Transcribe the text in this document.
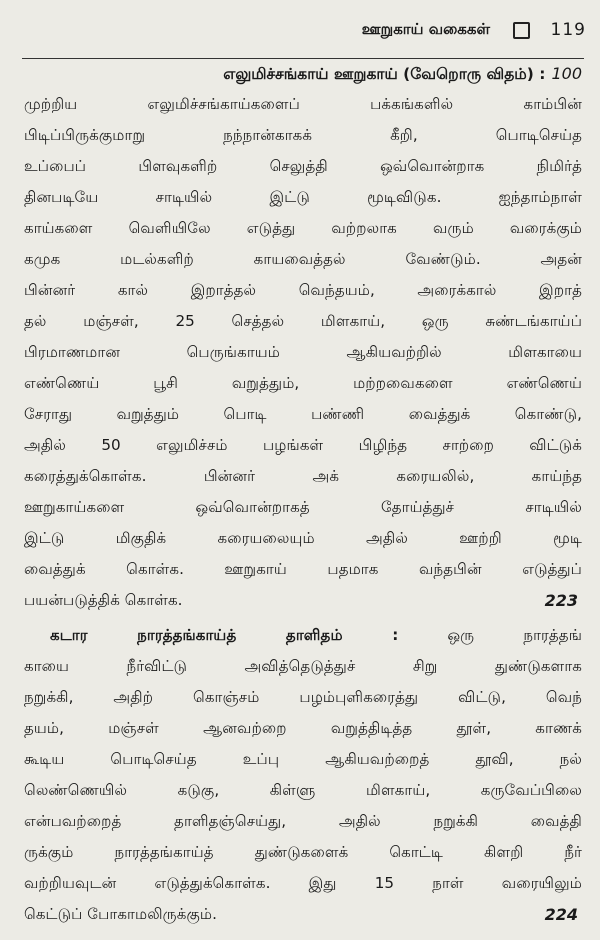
ஊறுகாய் வகைகள்	119
எலுமிச்சங்காய் ஊறுகாய் (வேறொரு விதம்) : 100
முற்றிய எலுமிச்சங்காய்களைப் பக்கங்களில் காம்பின்
பிடிப்பிருக்குமாறு நந்நான்காகக் கீறி, பொடிசெய்த
உப்பைப் பிளவுகளிற் செலுத்தி ஒவ்வொன்றாக நிமிர்த்
தினபடியே சாடியில் இட்டு மூடிவிடுக. ஐந்தாம்நாள்
காய்களை வெளியிலே எடுத்து வற்றலாக வரும் வரைக்கும்
கமுக மடல்களிற் காயவைத்தல் வேண்டும். அதன்
பின்னர் கால் இறாத்தல் வெந்தயம், அரைக்கால் இறாத்
தல் மஞ்சள், 25 செத்தல் மிளகாய், ஒரு சுண்டங்காய்ப்
பிரமாணமான பெருங்காயம் ஆகியவற்றில் மிளகாயை
எண்ணெய் பூசி வறுத்தும், மற்றவைகளை எண்ணெய்
சேராது வறுத்தும் பொடி பண்ணி வைத்துக் கொண்டு,
அதில் 50 எலுமிச்சம் பழங்கள் பிழிந்த சாற்றை விட்டுக்
கரைத்துக்கொள்க. பின்னர் அக் கரையலில், காய்ந்த
ஊறுகாய்களை ஒவ்வொன்றாகத் தோய்த்துச் சாடியில்
இட்டு மிகுதிக் கரையலையும் அதில் ஊற்றி மூடி
வைத்துக் கொள்க. ஊறுகாய் பதமாக வந்தபின் எடுத்துப்
பயன்படுத்திக் கொள்க.	223
கடார நாரத்தங்காய்த் தாளிதம் :	ஒரு நாரத்தங்
காயை நீர்விட்டு அவித்தெடுத்துச் சிறு துண்டுகளாக
நறுக்கி, அதிற் கொஞ்சம் பழம்புளிகரைத்து விட்டு, வெந்
தயம், மஞ்சள் ஆனவற்றை வறுத்திடித்த தூள், காணக்
கூடிய பொடிசெய்த உப்பு ஆகியவற்றைத் தூவி, நல்
லெண்ணெயில் கடுகு, கிள்ளு மிளகாய், கருவேப்பிலை
என்பவற்றைத் தாளிதஞ்செய்து, அதில் நறுக்கி வைத்தி
ருக்கும் நாரத்தங்காய்த் துண்டுகளைக் கொட்டி கிளறி நீர்
வற்றியவுடன் எடுத்துக்கொள்க. இது 15 நாள் வரையிலும்
கெட்டுப் போகாமலிருக்கும்.	224
